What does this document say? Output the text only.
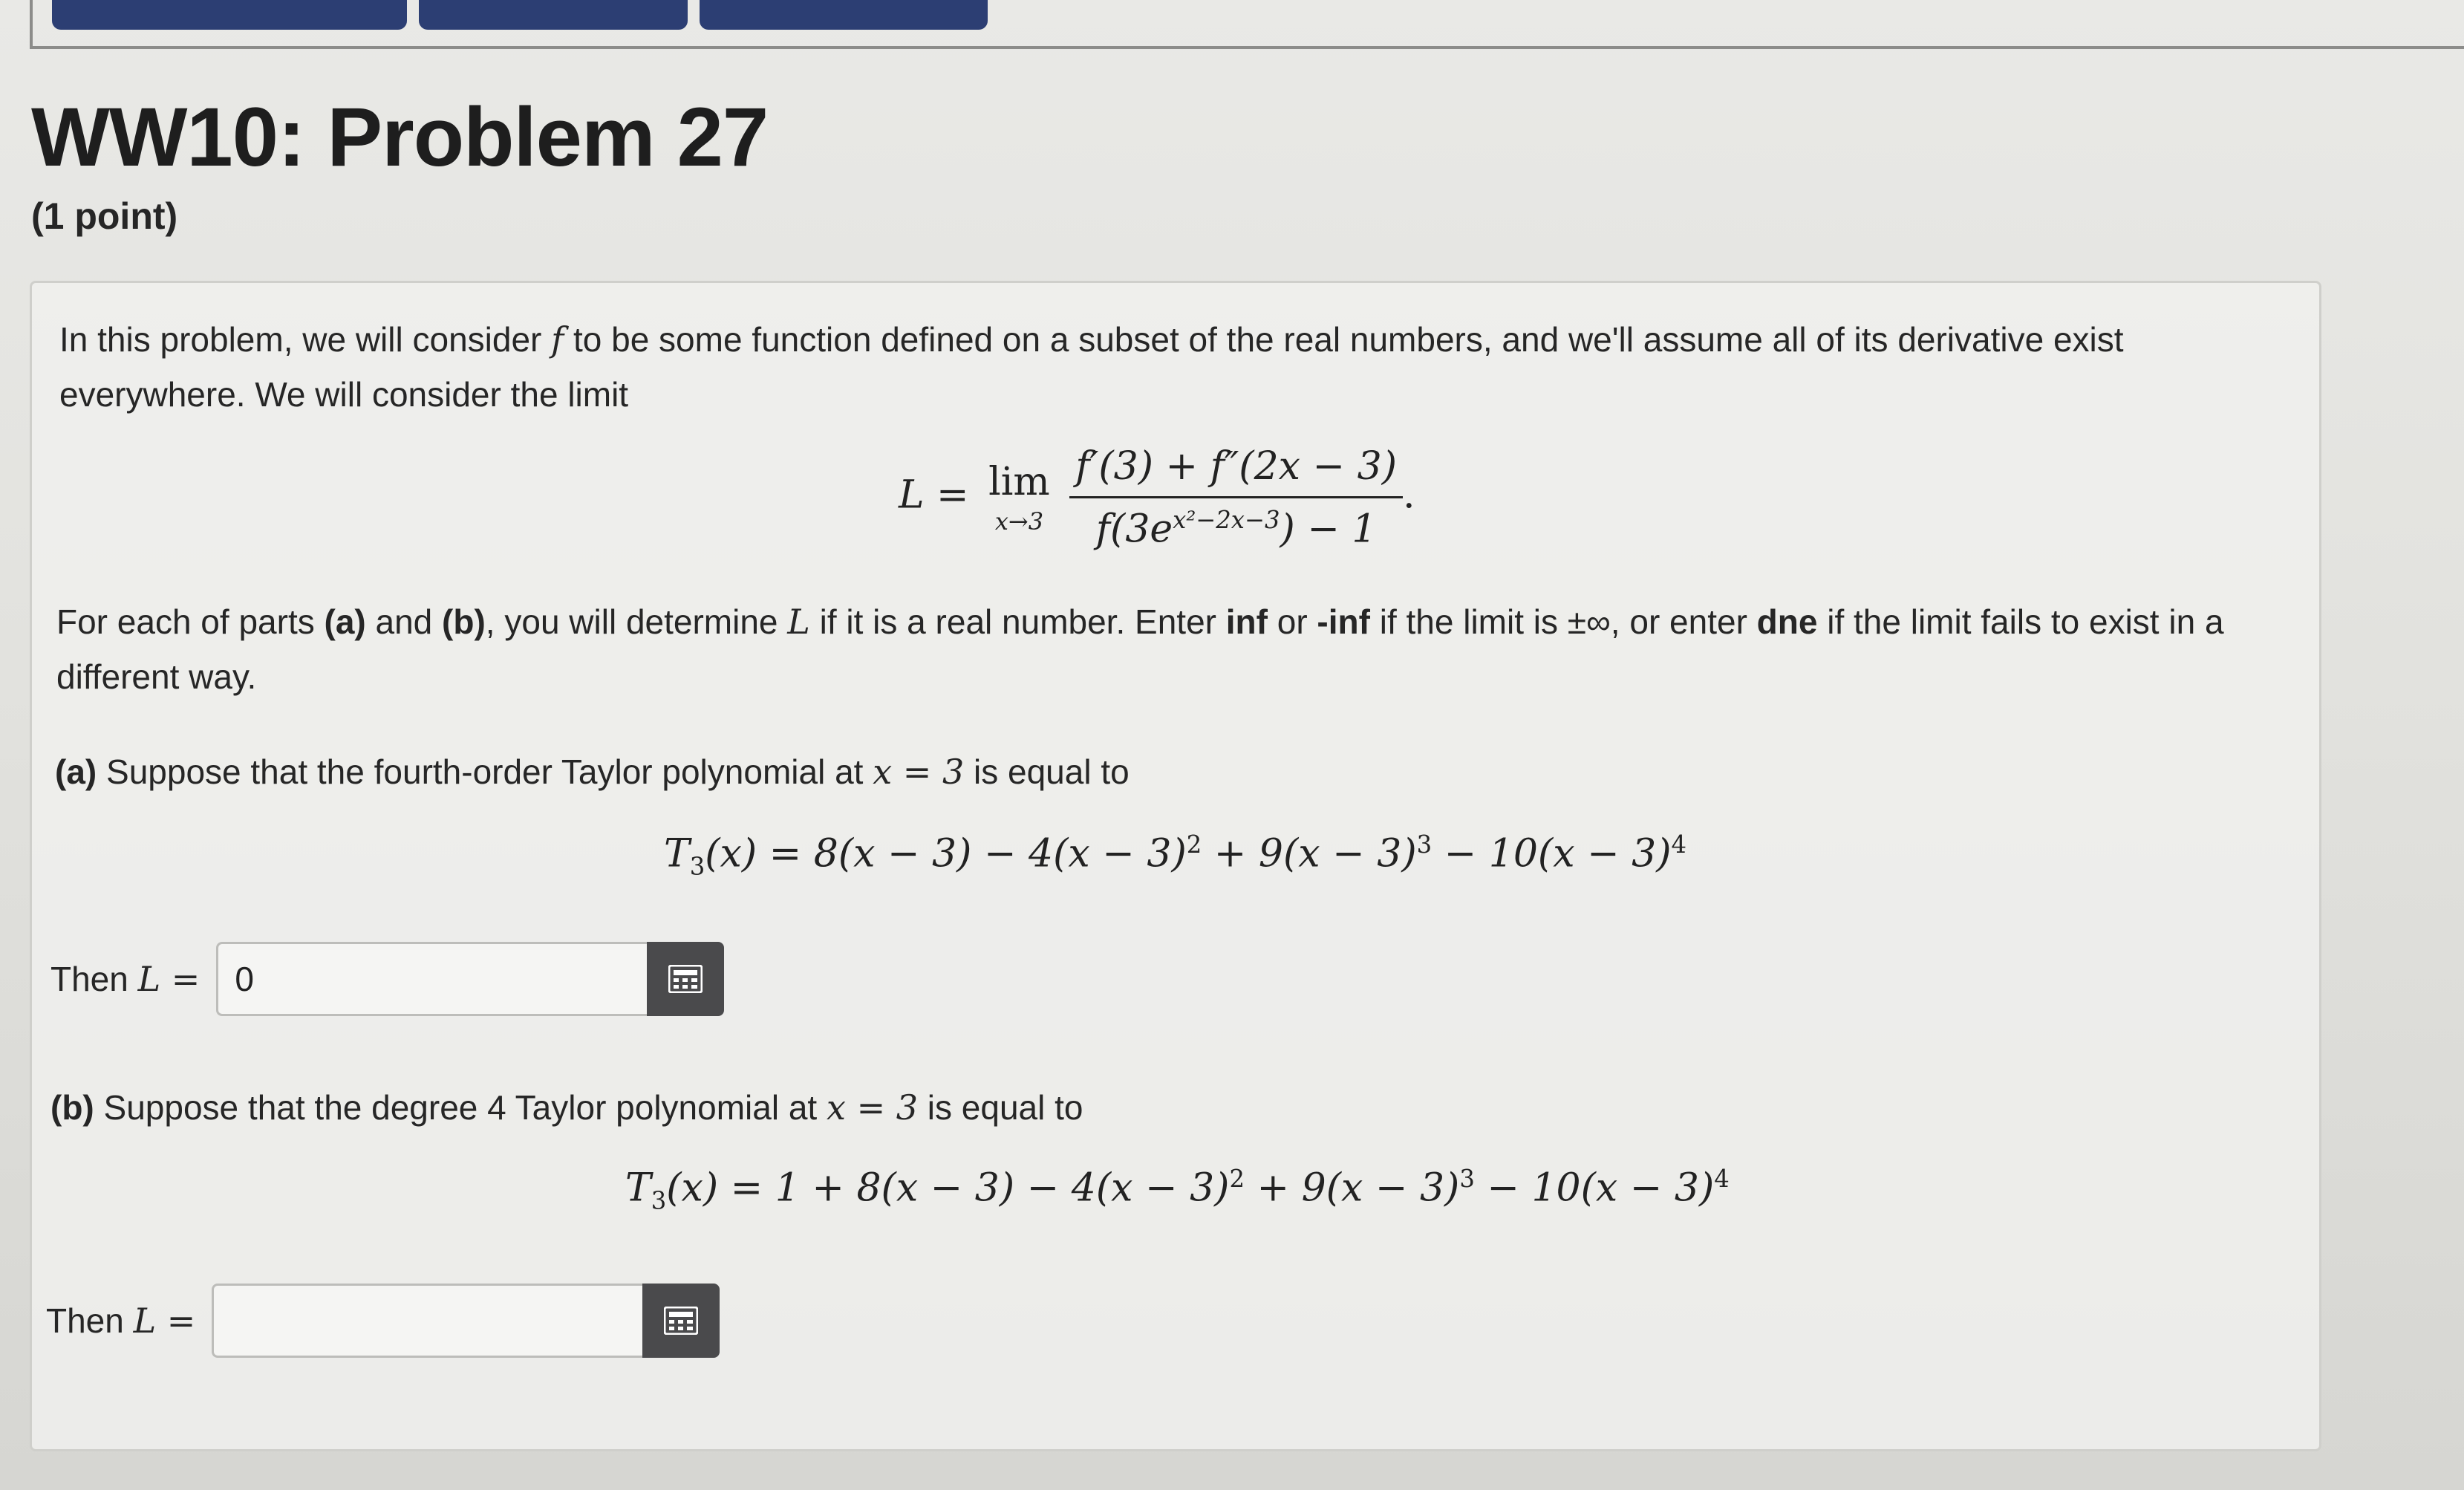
WW10: Problem 27
(1 point)
In this problem, we will consider f to be some function defined on a subset of the real numbers, and we'll assume all of its derivative exist everywhere. We will consider the limit
L = lim
x→3
$\frac{f'(3) + f''(2x - 3)}{f(3e^{x^2-2x-3}) - 1}$ .
For each of parts (a) and (b), you will determine L if it is a real number. Enter inf or -inf if the limit is ±∞, or enter dne if the limit fails to exist in a different way.
(a) Suppose that the fourth-order Taylor polynomial at x = 3 is equal to
$T_3(x) = 8(x - 3) - 4(x - 3)^2 + 9(x - 3)^3 - 10(x - 3)^4$
Then L =
0
(b) Suppose that the degree 4 Taylor polynomial at x = 3 is equal to
$T_3(x) = 1 + 8(x - 3) - 4(x - 3)^2 + 9(x - 3)^3 - 10(x - 3)^4$
Then L =
